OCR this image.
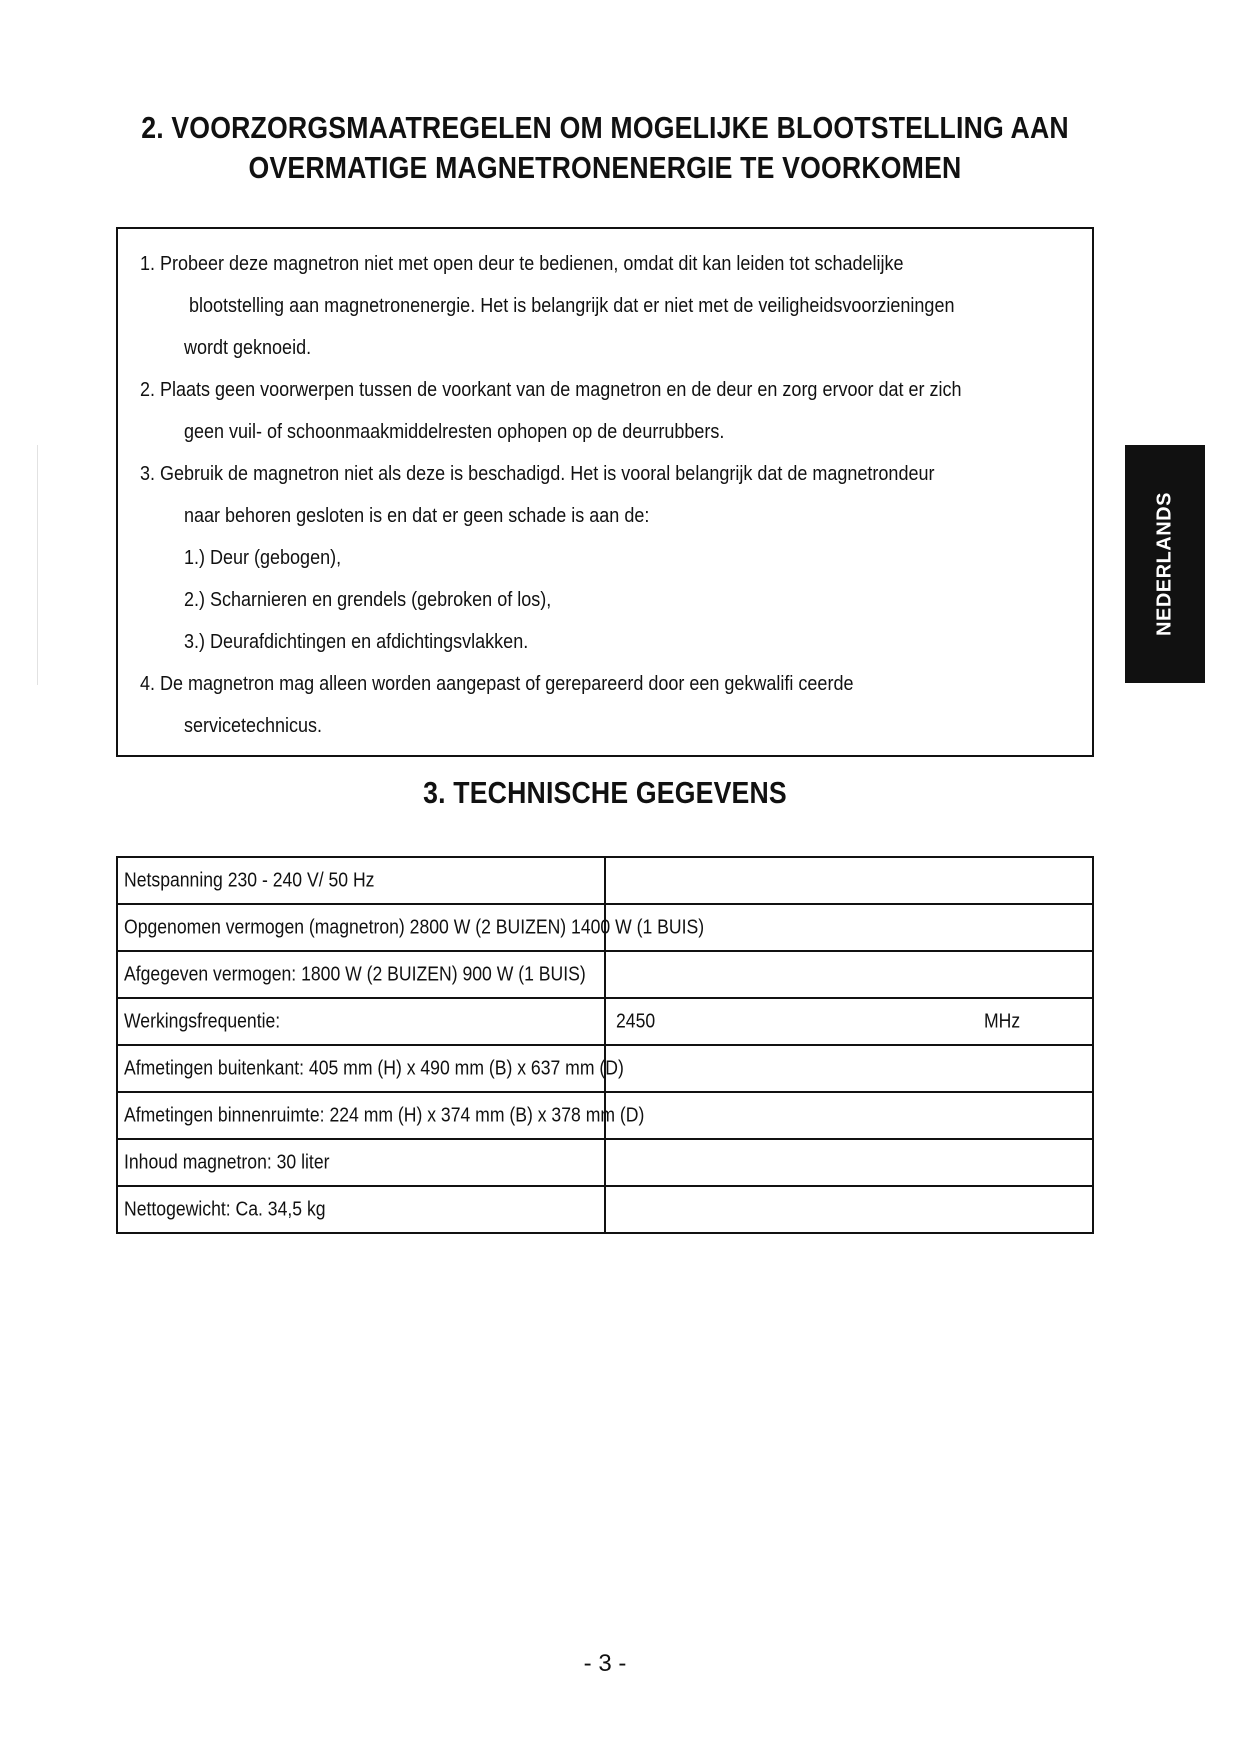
2. VOORZORGSMAATREGELEN OM MOGELIJKE BLOOTSTELLING AAN
OVERMATIGE MAGNETRONENERGIE TE VOORKOMEN
1. Probeer deze magnetron niet met open deur te bedienen, omdat dit kan leiden tot schadelijke
blootstelling aan magnetronenergie. Het is belangrijk dat er niet met de veiligheidsvoorzieningen
wordt geknoeid.
2. Plaats geen voorwerpen tussen de voorkant van de magnetron en de deur en zorg ervoor dat er zich
geen vuil- of schoonmaakmiddelresten ophopen op de deurrubbers.
3. Gebruik de magnetron niet als deze is beschadigd. Het is vooral belangrijk dat de magnetrondeur
naar behoren gesloten is en dat er geen schade is aan de:
1.) Deur (gebogen),
2.) Scharnieren en grendels (gebroken of los),
3.) Deurafdichtingen en afdichtingsvlakken.
4. De magnetron mag alleen worden aangepast of gerepareerd door een gekwalifi ceerde
servicetechnicus.
NEDERLANDS
3. TECHNISCHE GEGEVENS
Netspanning 230 - 240 V/ 50 Hz	

Opgenomen vermogen (magnetron) 2800 W (2 BUIZEN) 1400 W (1 BUIS)	

Afgegeven vermogen: 1800 W (2 BUIZEN) 900 W (1 BUIS)	

Werkingsfrequentie:	2450 MHz

Afmetingen buitenkant: 405 mm (H) x 490 mm (B) x 637 mm (D)	

Afmetingen binnenruimte: 224 mm (H) x 374 mm (B) x 378 mm (D)	

Inhoud magnetron: 30 liter	

Nettogewicht: Ca. 34,5 kg	

- 3 -
